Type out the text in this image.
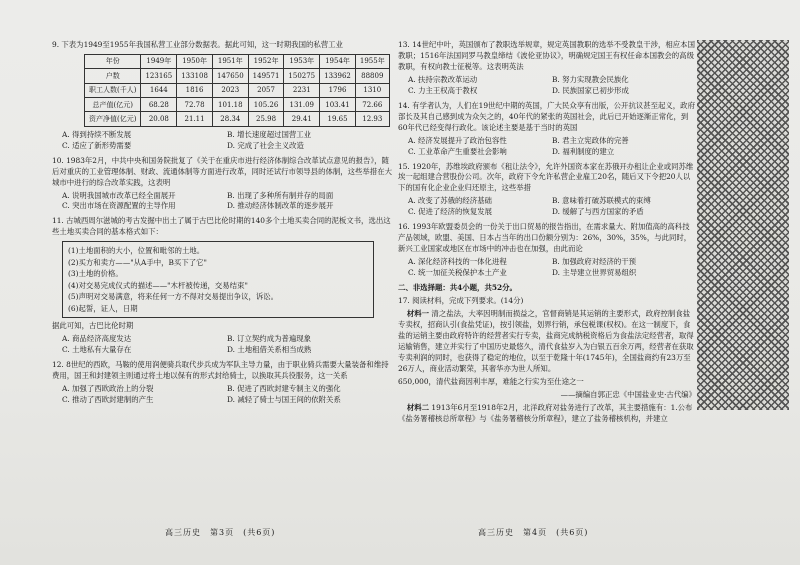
9. 下表为1949至1955年我国私营工业部分数据表。据此可知，这一时期我国的私营工业

年份	1949年	1950年	1951年	1952年	1953年	1954年	1955年
户数	123165	133108	147650	149571	150275	133962	88809
职工人数(千人)	1644	1816	2023	2057	2231	1796	1310
总产值(亿元)	68.28	72.78	101.18	105.26	131.09	103.41	72.66
资产净值(亿元)	20.08	21.11	28.34	25.98	29.41	19.65	12.93
A. 得到持续不断发展	B. 增长速度超过国营工业
C. 适应了新形势需要	D. 完成了社会主义改造

10. 1983年2月，中共中央和国务院批复了《关于在重庆市进行经济体制综合改革试点意见的报告》，随后对重庆的工业管理体制、财政、流通体制等方面进行改革，同时还试行市领导县的体制，这些举措在大城市中进行的综合改革实践，这表明

A. 说明我国城市改革已经全面展开	B. 出现了多种所有制并存的局面
C. 突出市场在资源配置的主导作用	D. 推动经济体制改革的逐步展开

11. 古城西周尔滋城的考古发掘中出土了属于古巴比伦时期的140多个土地买卖合同的泥板文书，选出这些土地买卖合同的基本格式如下：

(1)土地面积的大小，位置和毗邻的土地。
(2)买方和卖方——"从A手中，B买下了它"
(3)土地的价格。
(4)对交易完成仪式的描述——"木杆被传递，交易结束"
(5)声明对交易满意，将来任何一方不得对交易提出争议，诉讼。
(6)起誓，证人，日期

据此可知，古巴比伦时期

A. 商品经济高度发达	B. 订立契约成为普遍现象
C. 土地私有大量存在	D. 土地租借关系相当成熟

12. 8世纪的西欧，马鞍的使用润便骑兵取代步兵成为军队主导力量，由于职业骑兵需要大量装备和维持费用，国王和封建领主则通过将土地以保有的形式封给骑士，以换取其兵役服务，这一关系

A. 加强了西欧政治上的分裂	B. 促进了西欧封建专制主义的强化
C. 推动了西欧封建制的产生	D. 减轻了骑士与国王间的依附关系

13. 14世纪中叶，英国颁布了教职选举规章，规定英国教职的选举不受教皇干涉，相应本国教职；1516年法国同罗马教皇缔结《波伦亚协议》，明确规定国王有权任命本国教会的高级教职，有权向教士征税等。这表明英法

A. 扶持宗教改革运动	B. 努力实现教会民族化
C. 力主王权高于教权	D. 民族国家已初步形成

14. 有学者认为，人们在19世纪中期的英国，广大民众享有出版，公开抗议甚至起义，政府部长及其自己感到成为众矢之的，40年代的紧张的英国社会，此后已开始逐渐正常化，到60年代已经变得行政化。该论述主要是基于当时的英国

A. 经济发展提升了政治包容性	B. 君主立宪政体的完善
C. 工业革命产生重要社会影响	D. 福利制度的建立

15. 1920年，苏维埃政府颁布《租让法令》，允许外国资本家在苏俄开办租让企业或同苏维埃一起组建合营股份公司。次年，政府下令允许私营企业雇工20名，随后又下令把20人以下的国有化企业企业归还原主，这些举措

A. 改变了苏俄的经济基础	B. 意味着打破苏联模式的束缚
C. 促进了经济的恢复发展	D. 缓解了与西方国家的矛盾

16. 1993年欧盟委员会的一份关于出口贸易的报告指出，在需求量大、附加值高的高科技产品领域，欧盟、美国、日本占当年的出口份额分别为：26%，30%，35%，与此同时，新兴工业国家或地区在市场中的冲击也在加强，由此而论

A. 深化经济科技的一体化进程	B. 加强政府对经济的干预
C. 统一加征关税保护本土产业	D. 主导建立世界贸易组织

二、非选择题：共4小题，共52分。

17. 阅读材料，完成下列要求。(14分)

材料一 清之盐法，大率因明制而损益之，官督商销是其运销的主要形式，政府控制食盐专卖权，招商认引(食盐凭证)，按引领盐，划界行销，承包税课(权权)。在这一制度下，食盐的运销主要由政府特许的经营者实行专卖，盐商完成纳税资格后为食盐法定经营者，取得运输销售，建立并实行了中国历史最悠久，清代食盐岁入为白银五百余万两，经营者在获取专卖利润的同时，也获得了稳定的地位，以至于乾隆十年(1745年)，全国盐商约有23万至26万人，商业活动繁荣，其奢华亦为世人所知。

650,000，清代盐商因利丰厚，难能之行实为至仕途之一

——摘编自郭正忠《中国盐业史·古代编》

材料二 1913年6月至1918年2月，北洋政府对盐务进行了改革，其主要措施有：1.公布《盐务署稽核总所章程》与《盐务署稽核分所章程》，建立了盐务稽核机构，并建立

高三历史　第3页　(共6页)	高三历史　第4页　(共6页)
